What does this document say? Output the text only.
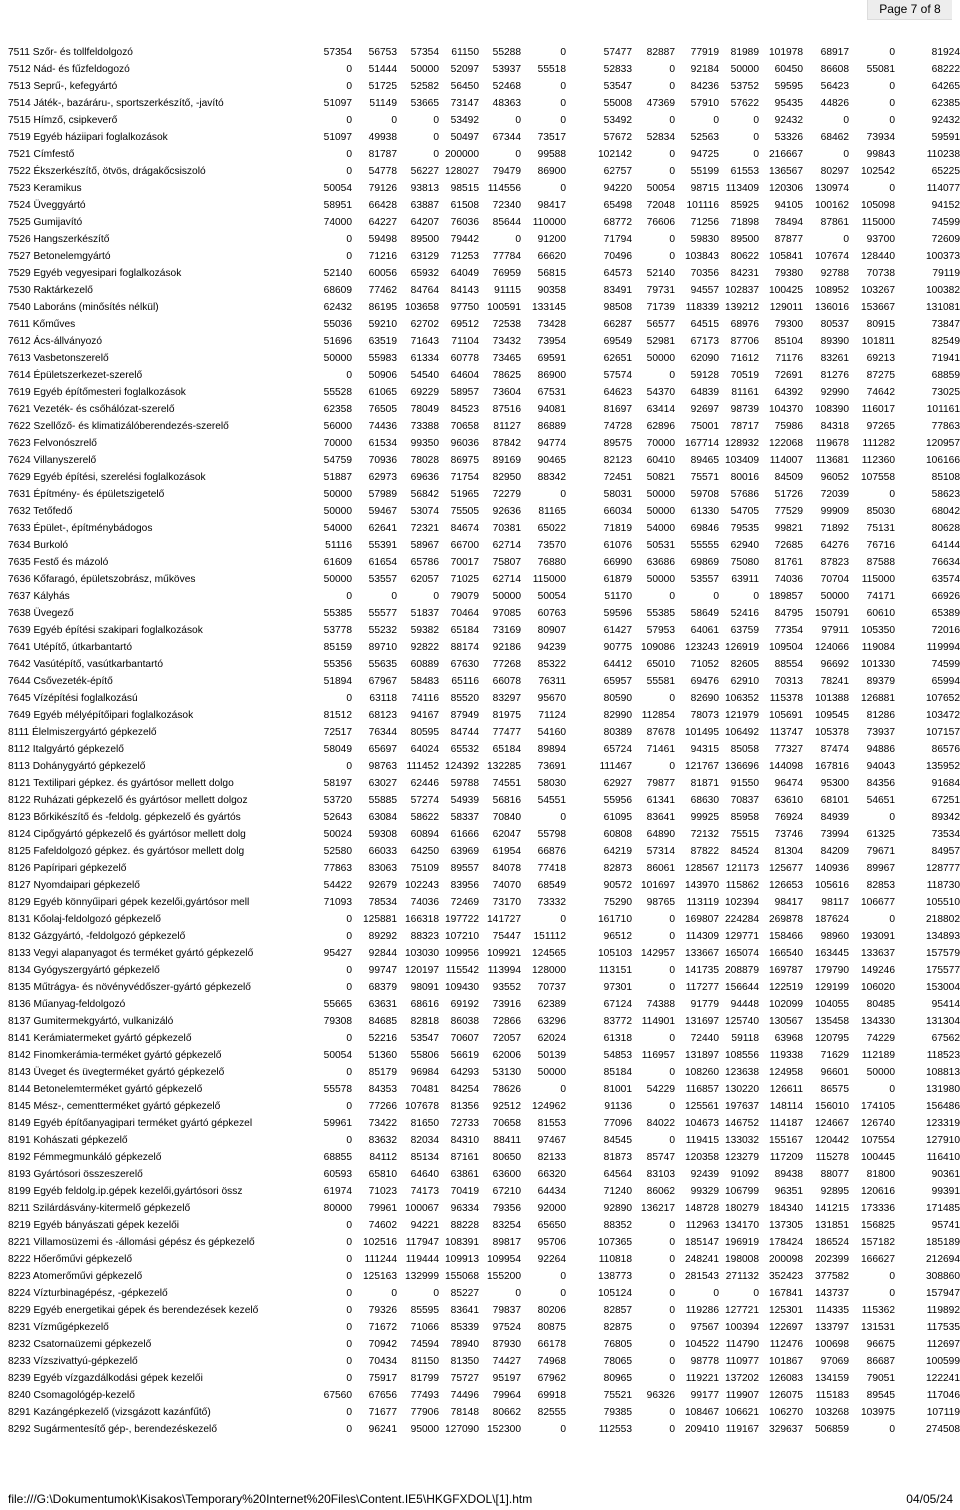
Page 7 of 8
7511 Szőr- és tollfeldolgozó	57354	56753	57354	61150	55288	0	57477	82887	77919	81989	101978	68917	0	81924
7512 Nád- és fűzfeldogozó	0	51444	50000	52097	53937	55518	52833	0	92184	50000	60450	86608	55081	68222
7513 Seprű-, kefegyártó	0	51725	52582	56450	52468	0	53547	0	84236	53752	59595	56423	0	64265
7514 Játék-, bazáráru-, sportszerkészítő, -javító	51097	51149	53665	73147	48363	0	55008	47369	57910	57622	95435	44826	0	62385
7515 Hímző, csipkeverő	0	0	0	53492	0	0	53492	0	0	0	92432	0	0	92432
7519 Egyéb háziipari foglalkozások	51097	49938	0	50497	67344	73517	57672	52834	52563	0	53326	68462	73934	59591
7521 Címfestő	0	81787	0	200000	0	99588	102142	0	94725	0	216667	0	99843	110238
7522 Ékszerkészítő, ötvös, drágakőcsiszoló	0	54778	56227	128027	79479	86900	62757	0	55199	61553	136567	80297	102542	65225
7523 Keramikus	50054	79126	93813	98515	114556	0	94220	50054	98715	113409	120306	130974	0	114077
7524 Üveggyártó	58951	66428	63887	61508	72340	98417	65498	72048	101116	85925	94105	100162	105098	94152
7525 Gumijavító	74000	64227	64207	76036	85644	110000	68772	76606	71256	71898	78494	87861	115000	74599
7526 Hangszerkészítő	0	59498	89500	79442	0	91200	71794	0	59830	89500	87877	0	93700	72609
7527 Betonelemgyártó	0	71216	63129	71253	77784	66620	70496	0	103843	80622	105841	107674	128440	100373
7529 Egyéb vegyesipari foglalkozások	52140	60056	65932	64049	76959	56815	64573	52140	70356	84231	79380	92788	70738	79119
7530 Raktárkezelő	68609	77462	84764	84143	91115	90358	83491	79731	94557	102837	100425	108952	103267	100382
7540 Laboráns (minősítés nélkül)	62432	86195	103658	97750	100591	133145	98508	71739	118339	139212	129011	136016	153667	131081
7611 Kőműves	55036	59210	62702	69512	72538	73428	66287	56577	64515	68976	79300	80537	80915	73847
7612 Ács-állványozó	51696	63519	71643	71104	73432	73954	69549	52981	67173	87706	85104	89390	101811	82549
7613 Vasbetonszerelő	50000	55983	61334	60778	73465	69591	62651	50000	62090	71612	71176	83261	69213	71941
7614 Épületszerkezet-szerelő	0	50906	54540	64604	78625	86900	57574	0	59128	70519	72691	81276	87275	68859
7619 Egyéb építőmesteri foglalkozások	55528	61065	69229	58957	73604	67531	64623	54370	64839	81161	64392	92990	74642	73025
7621 Vezeték- és csőhálózat-szerelő	62358	76505	78049	84523	87516	94081	81697	63414	92697	98739	104370	108390	116017	101161
7622 Szellőző- és klimatizálóberendezés-szerelő	56000	74436	73388	70658	81127	86889	74728	62896	75001	78717	75986	84318	97265	77863
7623 Felvonószrelő	70000	61534	99350	96036	87842	94774	89575	70000	167714	128932	122068	119678	111282	120957
7624 Villanyszerelő	54759	70936	78028	86975	89169	90465	82123	60410	89465	103409	114007	113681	112360	106166
7629 Egyéb építési, szerelési foglalkozások	51887	62973	69636	71754	82950	88342	72451	50821	75571	80016	84509	96052	107558	85108
7631 Építmény- és épületszigetelő	50000	57989	56842	51965	72279	0	58031	50000	59708	57686	51726	72039	0	58623
7632 Tetőfedő	50000	59467	53074	75505	92636	81165	66034	50000	61330	54705	77529	99909	85030	68042
7633 Épület-, építménybádogos	54000	62641	72321	84674	70381	65022	71819	54000	69846	79535	99821	71892	75131	80628
7634 Burkoló	51116	55391	58967	66700	62714	73570	61076	50531	55555	62940	72685	64276	76716	64144
7635 Festő és mázoló	61609	61654	65786	70017	75807	76880	66990	63686	69869	75080	81761	87823	87588	76634
7636 Kőfaragó, épületszobrász, műköves	50000	53557	62057	71025	62714	115000	61879	50000	53557	63911	74036	70704	115000	63574
7637 Kályhás	0	0	0	79079	50000	50054	51170	0	0	0	189857	50000	74171	66926
7638 Üvegező	55385	55577	51837	70464	97085	60763	59596	55385	58649	52416	84795	150791	60610	65389
7639 Egyéb építési szakipari foglalkozások	53778	55232	59382	65184	73169	80907	61427	57953	64061	63759	77354	97911	105350	72016
7641 Utépítő, útkarbantartó	85159	89710	92822	88174	92186	94239	90775	109086	123243	126919	109504	124066	119084	119994
7642 Vasútépítő, vasútkarbantartó	55356	55635	60889	67630	77268	85322	64412	65010	71052	82605	88554	96692	101330	74599
7644 Csővezeték-építő	51894	67967	58483	65116	66078	76311	65957	55581	69476	62910	70313	78241	89379	65994
7645 Vízépítési foglalkozású	0	63118	74116	85520	83297	95670	80590	0	82690	106352	115378	101388	126881	107652
7649 Egyéb mélyépítőipari foglalkozások	81512	68123	94167	87949	81975	71124	82990	112854	78073	121979	105691	109545	81286	103472
8111 Élelmiszergyártó gépkezelő	72517	76344	80595	84744	77477	54160	80389	87678	101495	106492	113747	105378	73937	107157
8112 Italgyártó gépkezelő	58049	65697	64024	65532	65184	89894	65724	71461	94315	85058	77327	87474	94886	86576
8113 Dohánygyártó gépkezelő	0	98763	111452	124392	132285	73691	111467	0	121767	136696	144098	167816	94043	135952
8121 Textilipari gépkez. és gyártósor mellett dolgo	58197	63027	62446	59788	74551	58030	62927	79877	81871	91550	96474	95300	84356	91684
8122 Ruházati gépkezelő és gyártósor mellett dolgoz	53720	55885	57274	54939	56816	54551	55956	61341	68630	70837	63610	68101	54651	67251
8123 Bőrkikészítő és -feldolg. gépkezelő és gyártós	52643	63084	58622	58337	70840	0	61095	83641	99925	85958	76924	84939	0	89342
8124 Cipőgyártó gépkezelő és gyártósor mellett dolg	50024	59308	60894	61666	62047	55798	60808	64890	72132	75515	73746	73994	61325	73534
8125 Fafeldolgozó gépkez. és gyártósor mellett dolg	52580	66033	64250	63969	61954	66876	64219	57314	87822	84524	81304	84209	79671	84957
8126 Papíripari gépkezelő	77863	83063	75109	89557	84078	77418	82873	86061	128567	121173	125677	140936	89967	128777
8127 Nyomdaipari gépkezelő	54422	92679	102243	83956	74070	68549	90572	101697	143970	115862	126653	105616	82853	118730
8129 Egyéb könnyűipari gépek kezelői,gyártósor mell	71093	78534	74036	72469	73170	73332	75290	98765	113119	102394	98417	98117	106677	105510
8131 Kőolaj-feldolgozó gépkezelő	0	125881	166318	197722	141727	0	161710	0	169807	224284	269878	187624	0	218802
8132 Gázgyártó, -feldolgozó gépkezelő	0	89292	88323	107210	75447	151112	96512	0	114309	129771	158466	98960	193091	134893
8133 Vegyi alapanyagot és terméket gyártó gépkezelő	95427	92844	103030	109956	109921	124565	105103	142957	133667	165074	166540	163445	133637	157579
8134 Gyógyszergyártó gépkezelő	0	99747	120197	115542	113994	128000	113151	0	141735	208879	169787	179790	149246	175577
8135 Műtrágya- és növényvédőszer-gyártó gépkezelő	0	68379	98091	109430	93552	70737	97301	0	117277	156644	122519	129199	106020	153004
8136 Műanyag-feldolgozó	55665	63631	68616	69192	73916	62389	67124	74388	91779	94448	102099	104055	80485	95414
8137 Gumitermekgyártó, vulkanizáló	79308	84685	82818	86038	72866	63296	83772	114901	131697	125740	130567	135458	134330	131304
8141 Kerámiatermeket gyártó gépkezelő	0	52216	53547	70607	72057	62024	61318	0	72440	59118	63968	120795	74229	67562
8142 Finomkerámia-terméket gyártó gépkezelő	50054	51360	55806	56619	62006	50139	54853	116957	131897	108556	119338	71629	112189	118523
8143 Üveget és üvegterméket gyártó gépkezelő	0	85179	96984	64293	53130	50000	85184	0	108260	123638	124958	96601	50000	108813
8144 Betonelemterméket gyártó gépkezelő	55578	84353	70481	84254	78626	0	81001	54229	116857	130220	126611	86575	0	131980
8145 Mész-, cementterméket gyártó gépkezelő	0	77266	107678	81356	92512	124962	91136	0	125561	197637	148114	156010	174105	156486
8149 Egyéb építőanyagipari terméket gyártó gépkezel	59961	73422	81650	72733	70658	81553	77096	84022	104673	146752	114187	124667	126740	123319
8191 Kohászati gépkezelő	0	83632	82034	84310	88411	97467	84545	0	119415	133032	155167	120442	107554	127910
8192 Fémmegmunkáló gépkezelő	68855	84112	85134	87161	80650	82133	81873	85747	120358	123279	117209	115278	100445	116410
8193 Gyártósori összeszerelő	60593	65810	64640	63861	63600	66320	64564	83103	92439	91092	89438	88077	81800	90361
8199 Egyéb feldolg.ip.gépek kezelői,gyártósori össz	61974	71023	74173	70419	67210	64434	71240	86062	99329	106799	96351	92895	120616	99391
8211 Szilárdásvány-kitermelő gépkezelő	80000	79961	100067	96334	79356	92000	92890	136217	148728	180279	184340	141215	173336	171485
8219 Egyéb bányászati gépek kezelői	0	74602	94221	88228	83254	65650	88352	0	112963	134170	137305	131851	156825	95741
8221 Villamosüzemi és -állomási gépész és gépkezelő	0	102516	117947	108391	89817	95706	107365	0	185147	196919	178424	186524	157182	185189
8222 Hőerőművi gépkezelő	0	111244	119444	109913	109954	92264	110818	0	248241	198008	200098	202399	166627	212694
8223 Atomerőművi gépkezelő	0	125163	132999	155068	155200	0	138773	0	281543	271132	352423	377582	0	308860
8224 Vízturbinagépész, -gépkezelő	0	0	0	85227	0	0	105124	0	0	0	167841	143737	0	157947
8229 Egyéb energetikai gépek és berendezések kezelő	0	79326	85595	83641	79837	80206	82857	0	119286	127721	125301	114335	115362	119892
8231 Vízműgépkezelő	0	71672	71066	85339	97524	80875	82875	0	97567	100394	122697	133797	131531	117535
8232 Csatornaüzemi gépkezelő	0	70942	74594	78940	87930	66178	76805	0	104522	114790	112476	100698	96675	112697
8233 Vízszivattyú-gépkezelő	0	70434	81150	81350	74427	74968	78065	0	98778	110977	101867	97069	86687	100599
8239 Egyéb vízgazdálkodási gépek kezelői	0	75917	81799	75727	95197	67962	80965	0	119221	137202	126083	134159	79051	122241
8240 Csomagológép-kezelő	67560	67656	77493	74496	79964	69918	75521	96326	99177	119907	126075	115183	89545	117046
8291 Kazángépkezelő (vizsgázott kazánfűtő)	0	71677	77906	78148	80662	82555	79385	0	108467	106621	106270	103268	103975	107119
8292 Sugármentesítő gép-, berendezéskezelő	0	96241	95000	127090	152300	0	112553	0	209410	119167	329637	506859	0	274508
file:///G:\Dokumentumok\Kisakos\Temporary%20Internet%20Files\Content.IE5\HKGFXDOL\[1].htm	04/05/24
